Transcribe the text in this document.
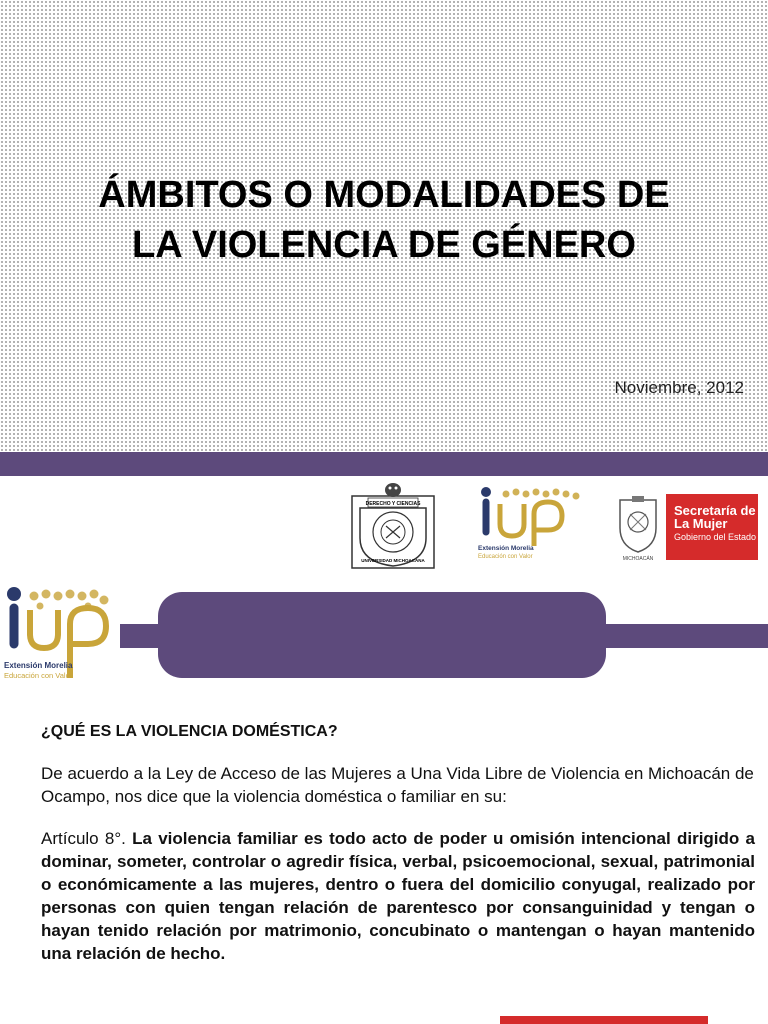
ÁMBITOS O MODALIDADES DE
LA VIOLENCIA DE GÉNERO
Noviembre, 2012
DERECHO Y CIENCIAS
UNIVERSIDAD MICHOACANA
Extensión Morelia
Educación con Valor	MICHOACÁN
Secretaría de
La Mujer
Gobierno del Estado
Extensión Morelia
Educación con Valor

¿QUÉ ES LA VIOLENCIA DOMÉSTICA?

De acuerdo a la Ley de Acceso de las Mujeres a Una Vida Libre de Violencia en Michoacán de Ocampo, nos dice que la violencia doméstica o familiar en su:

Artículo 8°. La violencia familiar es todo acto de poder u omisión intencional dirigido a dominar, someter, controlar o agredir física, verbal, psicoemocional, sexual, patrimonial o económicamente a las mujeres, dentro o fuera del domicilio conyugal, realizado por personas con quien tengan relación de parentesco por consanguinidad y tengan o hayan tenido relación por matrimonio, concubinato o mantengan o hayan mantenido una relación de hecho.
